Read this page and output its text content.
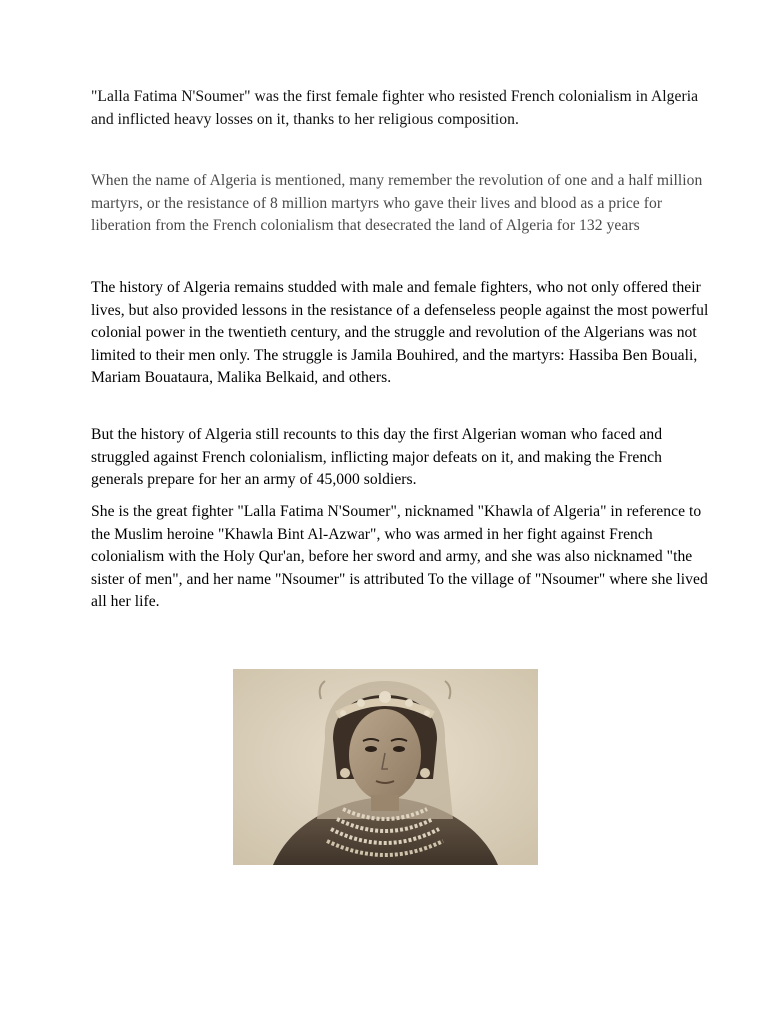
"Lalla Fatima N'Soumer" was the first female fighter who resisted French colonialism in Algeria and inflicted heavy losses on it, thanks to her religious composition.

When the name of Algeria is mentioned, many remember the revolution of one and a half million martyrs, or the resistance of 8 million martyrs who gave their lives and blood as a price for liberation from the French colonialism that desecrated the land of Algeria for 132 years

The history of Algeria remains studded with male and female fighters, who not only offered their lives, but also provided lessons in the resistance of a defenseless people against the most powerful colonial power in the twentieth century, and the struggle and revolution of the Algerians was not limited to their men only. The struggle is Jamila Bouhired, and the martyrs: Hassiba Ben Bouali, Mariam Bouataura, Malika Belkaid, and others.

But the history of Algeria still recounts to this day the first Algerian woman who faced and struggled against French colonialism, inflicting major defeats on it, and making the French generals prepare for her an army of 45,000 soldiers.

She is the great fighter "Lalla Fatima N'Soumer", nicknamed "Khawla of Algeria" in reference to the Muslim heroine "Khawla Bint Al-Azwar", who was armed in her fight against French colonialism with the Holy Qur'an, before her sword and army, and she was also nicknamed "the sister of men", and her name "Nsoumer" is attributed To the village of "Nsoumer" where she lived all her life.
